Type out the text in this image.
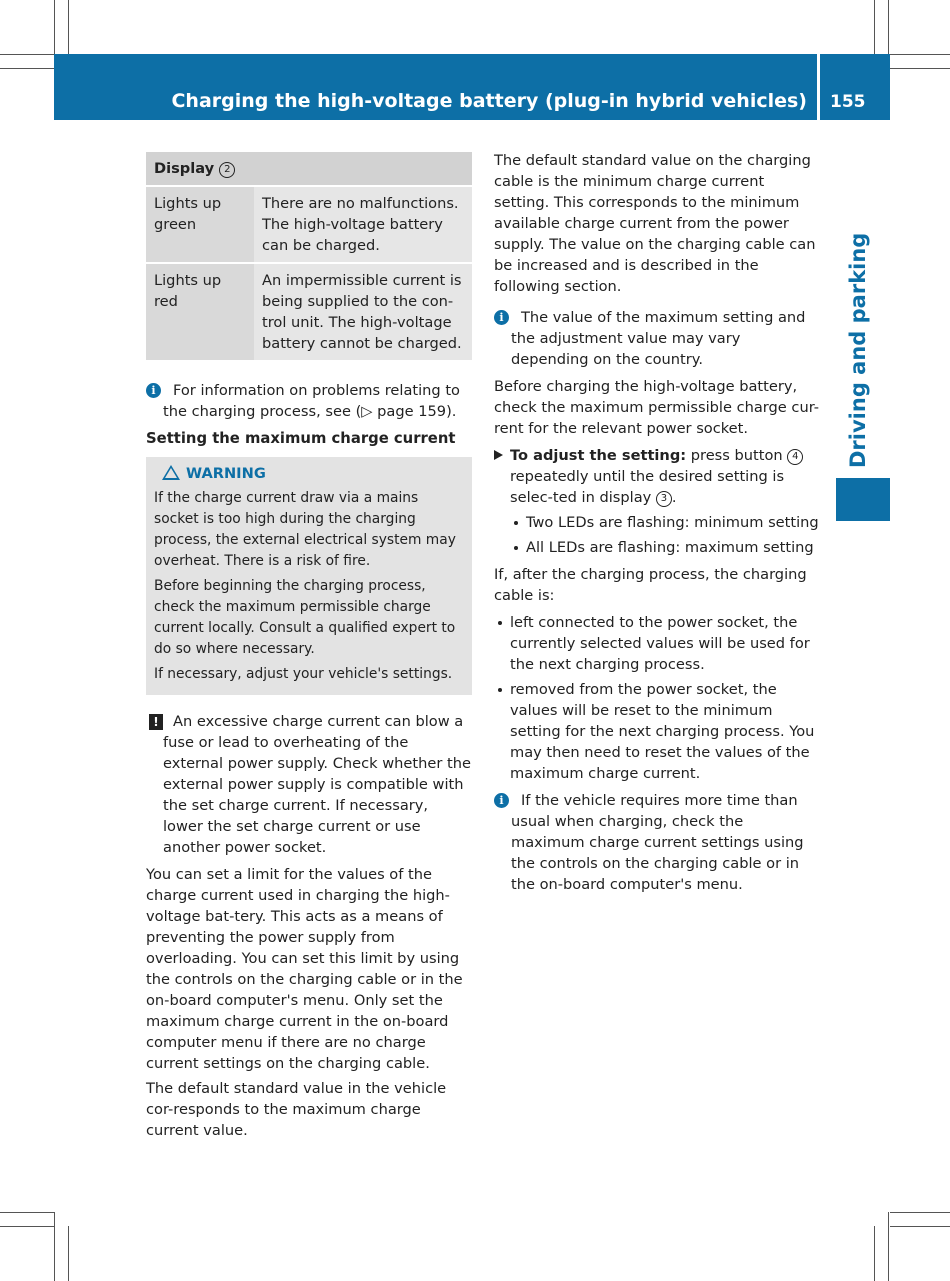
Charging the high-voltage battery (plug-in hybrid vehicles) 155
Driving and parking
Display 2	
Lights up green	There are no malfunctions. The high-voltage battery can be charged.
Lights up red	An impermissible current is being supplied to the con-trol unit. The high-voltage battery cannot be charged.
i	For information on problems relating to the charging process, see (▷ page 159).
Setting the maximum charge current
! WARNING

If the charge current draw via a mains socket is too high during the charging process, the external electrical system may overheat. There is a risk of fire.

Before beginning the charging process, check the maximum permissible charge current locally. Consult a qualified expert to do so where necessary.

If necessary, adjust your vehicle's settings.

! An excessive charge current can blow a fuse or lead to overheating of the external power supply. Check whether the external power supply is compatible with the set charge current. If necessary, lower the set charge current or use another power socket.

You can set a limit for the values of the charge current used in charging the high-voltage bat-tery. This acts as a means of preventing the power supply from overloading. You can set this limit by using the controls on the charging cable or in the on-board computer's menu. Only set the maximum charge current in the on-board computer menu if there are no charge current settings on the charging cable.

The default standard value in the vehicle cor-responds to the maximum charge current value.

The default standard value on the charging cable is the minimum charge current setting. This corresponds to the minimum available charge current from the power supply. The value on the charging cable can be increased and is described in the following section.

i	The value of the maximum setting and the adjustment value may vary depending on the country.

Before charging the high-voltage battery, check the maximum permissible charge cur-rent for the relevant power socket.

To adjust the setting: press button 4 repeatedly until the desired setting is selec-ted in display 3 .
Two LEDs are flashing: minimum setting
All LEDs are flashing: maximum setting

If, after the charging process, the charging cable is:

left connected to the power socket, the currently selected values will be used for the next charging process.
removed from the power socket, the values will be reset to the minimum setting for the next charging process. You may then need to reset the values of the maximum charge current.
i	If the vehicle requires more time than usual when charging, check the maximum charge current settings using the controls on the charging cable or in the on-board computer's menu.
